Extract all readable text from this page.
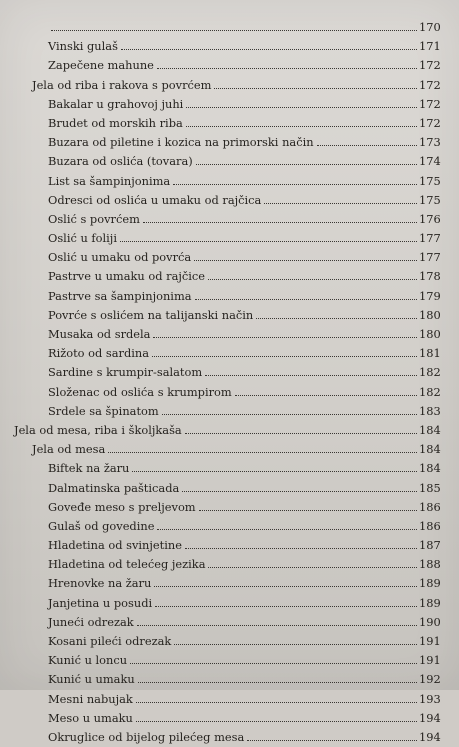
170
Vinski gulaš	171
Zapečene mahune	172
Jela od riba i rakova s povrćem	172
Bakalar u grahovoj juhi	172
Brudet od morskih riba	172
Buzara od piletine i kozica na primorski način	173
Buzara od oslića (tovara)	174
List sa šampinjonima	175
Odresci od oslića u umaku od rajčica	175
Oslić s povrćem	176
Oslić u foliji	177
Oslić u umaku od povrća	177
Pastrve u umaku od rajčice	178
Pastrve sa šampinjonima	179
Povrće s oslićem na talijanski način	180
Musaka od srdela	180
Rižoto od sardina	181
Sardine s krumpir-salatom	182
Složenac od oslića s krumpirom	182
Srdele sa špinatom	183
Jela od mesa, riba i školjkaša	184
Jela od mesa	184
Biftek na žaru	184
Dalmatinska pašticada	185
Goveđe meso s preljevom	186
Gulaš od govedine	186
Hladetina od svinjetine	187
Hladetina od telećeg jezika	188
Hrenovke na žaru	189
Janjetina u posudi	189
Juneći odrezak	190
Kosani pileći odrezak	191
Kunić u loncu	191
Kunić u umaku	192
Mesni nabujak	193
Meso u umaku	194
Okruglice od bijelog pilećeg mesa	194
